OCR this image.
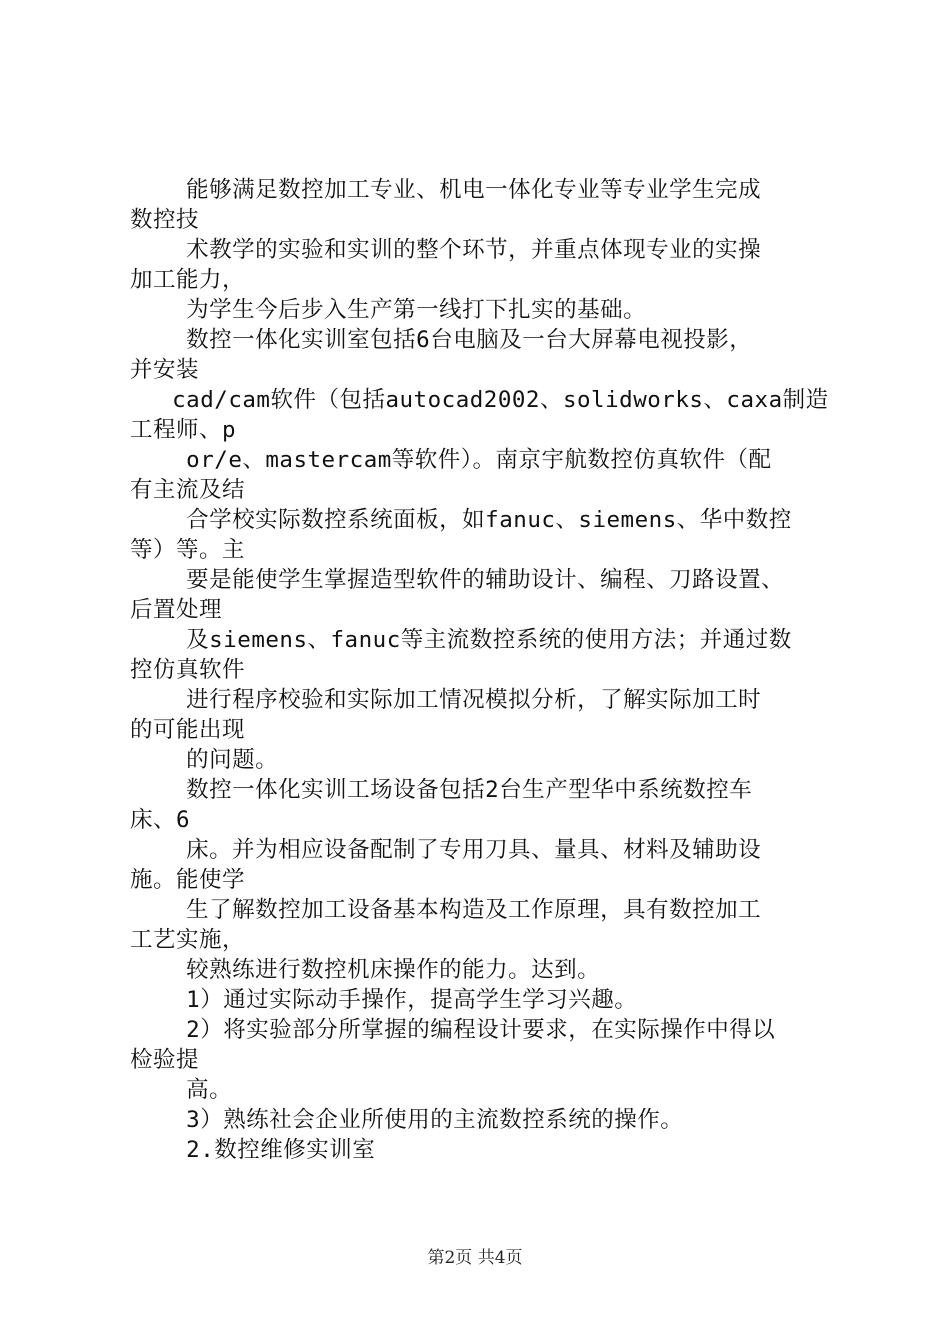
能够满足数控加工专业、机电一体化专业等专业学生完成
数控技
术教学的实验和实训的整个环节，并重点体现专业的实操
加工能力，
为学生今后步入生产第一线打下扎实的基础。
数控一体化实训室包括6台电脑及一台大屏幕电视投影，
并安装
cad/cam软件（包括autocad2002、solidworks、caxa制造
工程师、p
or/e、mastercam等软件）。南京宇航数控仿真软件（配
有主流及结
合学校实际数控系统面板，如fanuc、siemens、华中数控
等）等。主
要是能使学生掌握造型软件的辅助设计、编程、刀路设置、
后置处理
及siemens、fanuc等主流数控系统的使用方法；并通过数
控仿真软件
进行程序校验和实际加工情况模拟分析，了解实际加工时
的可能出现
的问题。
数控一体化实训工场设备包括2台生产型华中系统数控车
床、6
床。并为相应设备配制了专用刀具、量具、材料及辅助设
施。能使学
生了解数控加工设备基本构造及工作原理，具有数控加工
工艺实施，
较熟练进行数控机床操作的能力。达到。
1）通过实际动手操作，提高学生学习兴趣。
2）将实验部分所掌握的编程设计要求，在实际操作中得以
检验提
高。
3）熟练社会企业所使用的主流数控系统的操作。
2.数控维修实训室
第2页 共4页
